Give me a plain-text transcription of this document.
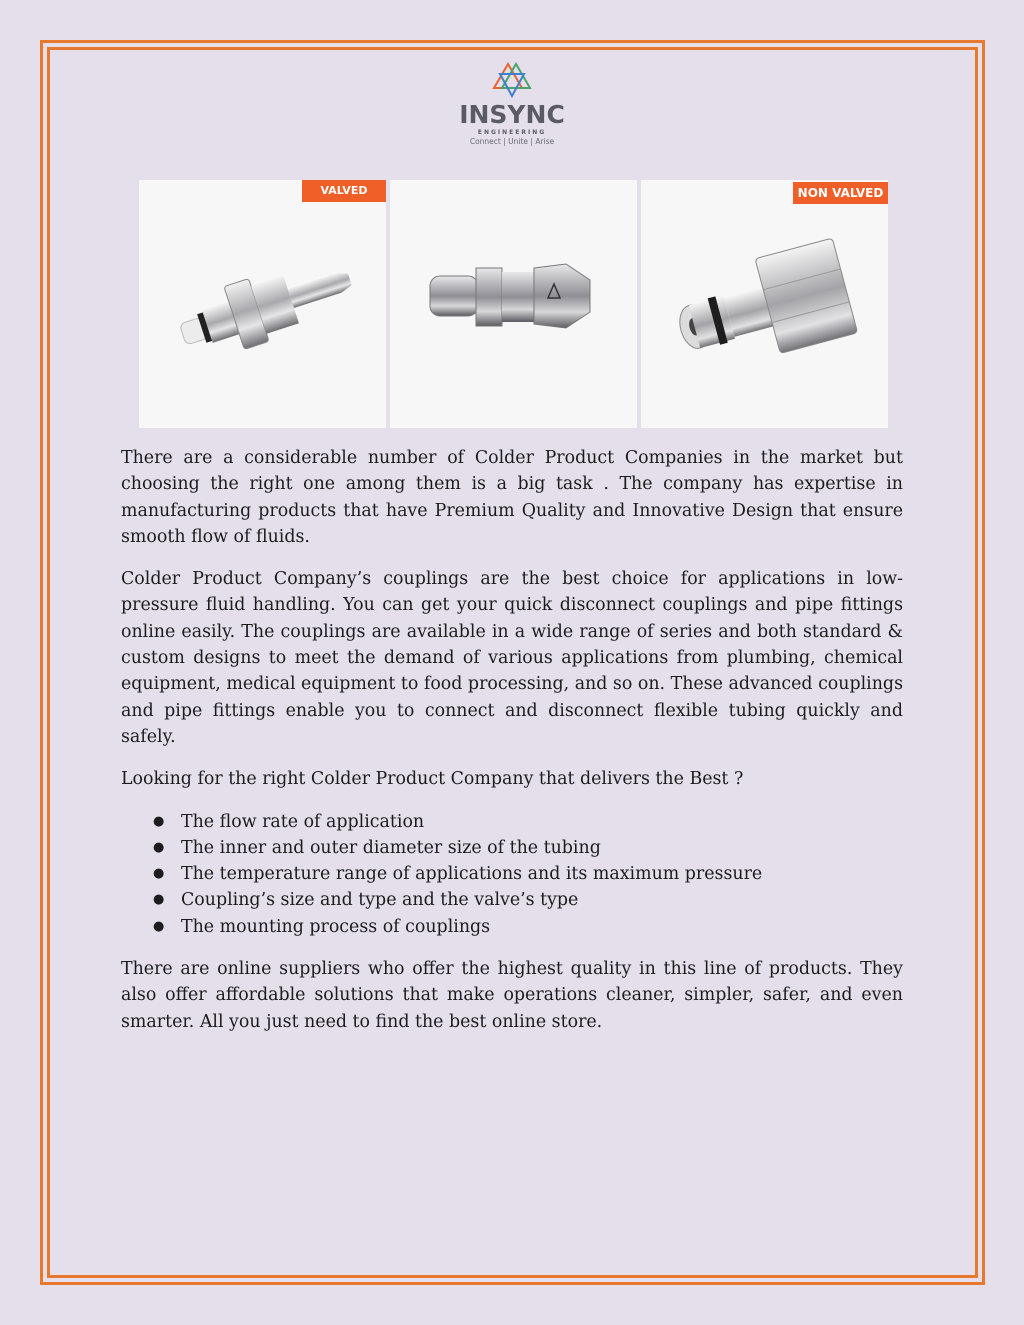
INSYNC
ENGINEERING
Connect | Unite | Arise
VALVED	NON VALVED

There are a considerable number of Colder Product Companies in the market but choosing the right one among them is a big task . The company has expertise in manufacturing products that have Premium Quality and Innovative Design that ensure smooth flow of fluids.

Colder Product Company’s couplings are the best choice for applications in low-pressure fluid handling. You can get your quick disconnect couplings and pipe fittings online easily. The couplings are available in a wide range of series and both standard & custom designs to meet the demand of various applications from plumbing, chemical equipment, medical equipment to food processing, and so on. These advanced couplings and pipe fittings enable you to connect and disconnect flexible tubing quickly and safely.

Looking for the right Colder Product Company that delivers the Best ?

● The flow rate of application
● The inner and outer diameter size of the tubing
● The temperature range of applications and its maximum pressure
● Coupling’s size and type and the valve’s type
● The mounting process of couplings

There are online suppliers who offer the highest quality in this line of products. They also offer affordable solutions that make operations cleaner, simpler, safer, and even smarter. All you just need to find the best online store.
